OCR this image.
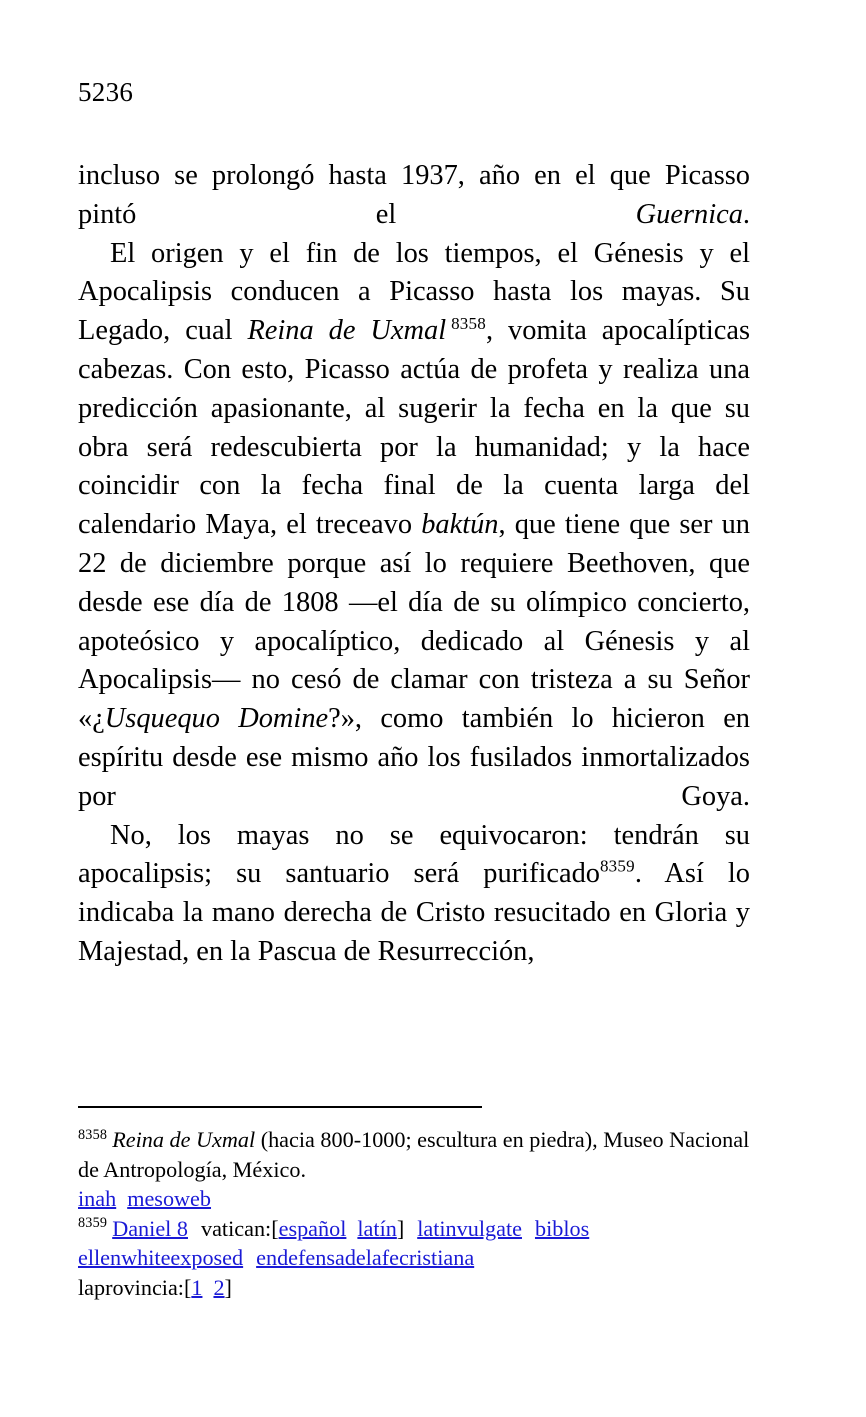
5236

incluso se prolongó hasta 1937, año en el que Picasso pintó el Guernica.

El origen y el fin de los tiempos, el Génesis y el Apocalipsis conducen a Picasso hasta los mayas. Su Legado, cual Reina de Uxmal $^{8358}$, vomita apocalípticas cabezas. Con esto, Picasso actúa de profeta y realiza una predicción apasionante, al sugerir la fecha en la que su obra será redescubierta por la humanidad; y la hace coincidir con la fecha final de la cuenta larga del calendario Maya, el treceavo baktún, que tiene que ser un 22 de diciembre porque así lo requiere Beethoven, que desde ese día de 1808 —el día de su olímpico concierto, apoteósico y apocalíptico, dedicado al Génesis y al Apocalipsis— no cesó de clamar con tristeza a su Señor «¿Usquequo Domine?», como también lo hicieron en espíritu desde ese mismo año los fusilados inmortalizados por Goya.

No, los mayas no se equivocaron: tendrán su apocalipsis; su santuario será purificado$^{8359}$. Así lo indicaba la mano derecha de Cristo resucitado en Gloria y Majestad, en la Pascua de Resurrección,

$^{8358}$ Reina de Uxmal (hacia 800-1000; escultura en piedra), Museo Nacional de Antropología, México.

inah mesoweb

$^{8359}$ Daniel 8 vatican:[español latín] latinvulgate biblos

ellenwhiteexposed endefensadelafecristiana

laprovincia:[1 2]
